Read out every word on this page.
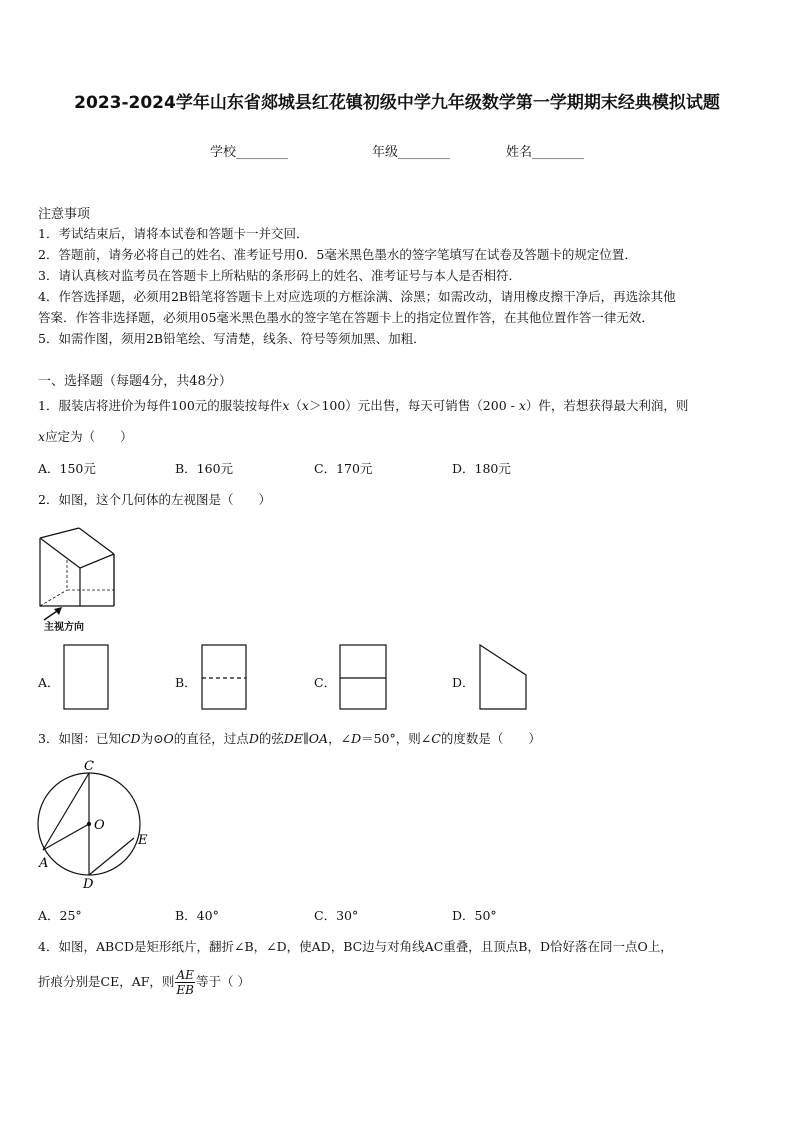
2023-2024学年山东省郯城县红花镇初级中学九年级数学第一学期期末经典模拟试题
学校________	年级________	姓名________
注意事项
1．考试结束后，请将本试卷和答题卡一并交回．
2．答题前，请务必将自己的姓名、准考证号用0．5毫米黑色墨水的签字笔填写在试卷及答题卡的规定位置．
3．请认真核对监考员在答题卡上所粘贴的条形码上的姓名、准考证号与本人是否相符．
4．作答选择题，必须用2B铅笔将答题卡上对应选项的方框涂满、涂黑；如需改动，请用橡皮擦干净后，再选涂其他
答案．作答非选择题，必须用05毫米黑色墨水的签字笔在答题卡上的指定位置作答，在其他位置作答一律无效．
5．如需作图，须用2B铅笔绘、写清楚，线条、符号等须加黑、加粗．
一、选择题（每题4分，共48分）
1．服装店将进价为每件100元的服装按每件x（x＞100）元出售，每天可销售（200 - x）件，若想获得最大利润，则
x应定为（　　）
A．150元	B．160元	C．170元	D．180元
2．如图，这个几何体的左视图是（　　）
主视方向
A．	B．	C．	D．
3．如图：已知CD为⊙O的直径，过点D的弦DE∥OA，∠D＝50°，则∠C的度数是（　　）
C
O
E
A
D
A．25°	B．40°	C．30°	D．50°
4．如图，ABCD是矩形纸片，翻折∠B，∠D，使AD，BC边与对角线AC重叠，且顶点B，D恰好落在同一点O上，
折痕分别是CE，AF，则 $\frac{AE}{EB}$ 等于（ ）
